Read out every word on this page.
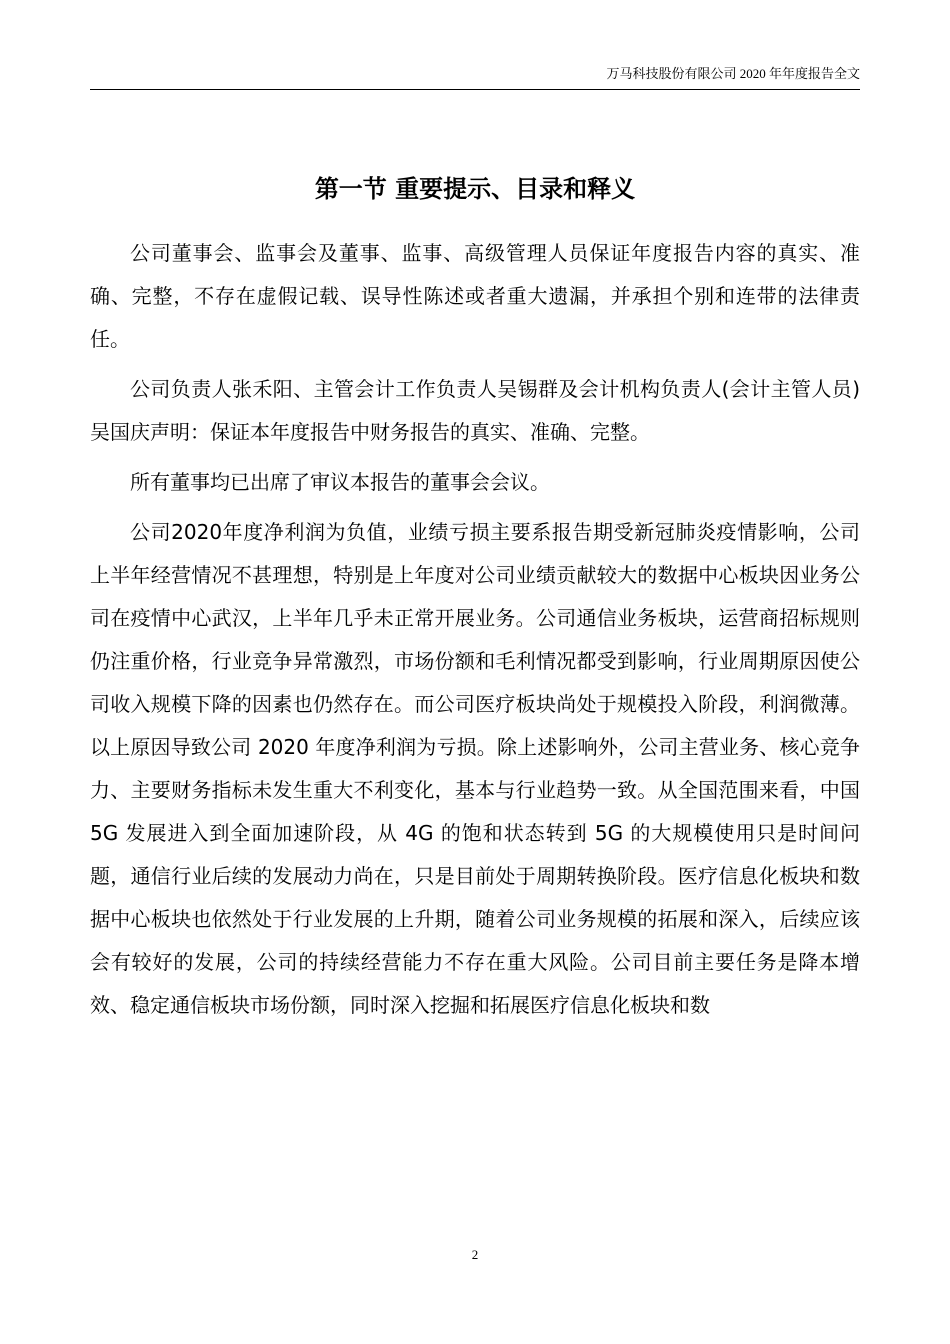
万马科技股份有限公司 2020 年年度报告全文
第一节 重要提示、目录和释义

公司董事会、监事会及董事、监事、高级管理人员保证年度报告内容的真实、准确、完整，不存在虚假记载、误导性陈述或者重大遗漏，并承担个别和连带的法律责任。

公司负责人张禾阳、主管会计工作负责人吴锡群及会计机构负责人(会计主管人员)吴国庆声明：保证本年度报告中财务报告的真实、准确、完整。

所有董事均已出席了审议本报告的董事会会议。

公司2020年度净利润为负值，业绩亏损主要系报告期受新冠肺炎疫情影响，公司上半年经营情况不甚理想，特别是上年度对公司业绩贡献较大的数据中心板块因业务公司在疫情中心武汉，上半年几乎未正常开展业务。公司通信业务板块，运营商招标规则仍注重价格，行业竞争异常激烈，市场份额和毛利情况都受到影响，行业周期原因使公司收入规模下降的因素也仍然存在。而公司医疗板块尚处于规模投入阶段，利润微薄。以上原因导致公司 2020 年度净利润为亏损。除上述影响外，公司主营业务、核心竞争力、主要财务指标未发生重大不利变化，基本与行业趋势一致。从全国范围来看，中国 5G 发展进入到全面加速阶段，从 4G 的饱和状态转到 5G 的大规模使用只是时间问题，通信行业后续的发展动力尚在，只是目前处于周期转换阶段。医疗信息化板块和数据中心板块也依然处于行业发展的上升期，随着公司业务规模的拓展和深入，后续应该会有较好的发展，公司的持续经营能力不存在重大风险。公司目前主要任务是降本增效、稳定通信板块市场份额，同时深入挖掘和拓展医疗信息化板块和数

2
